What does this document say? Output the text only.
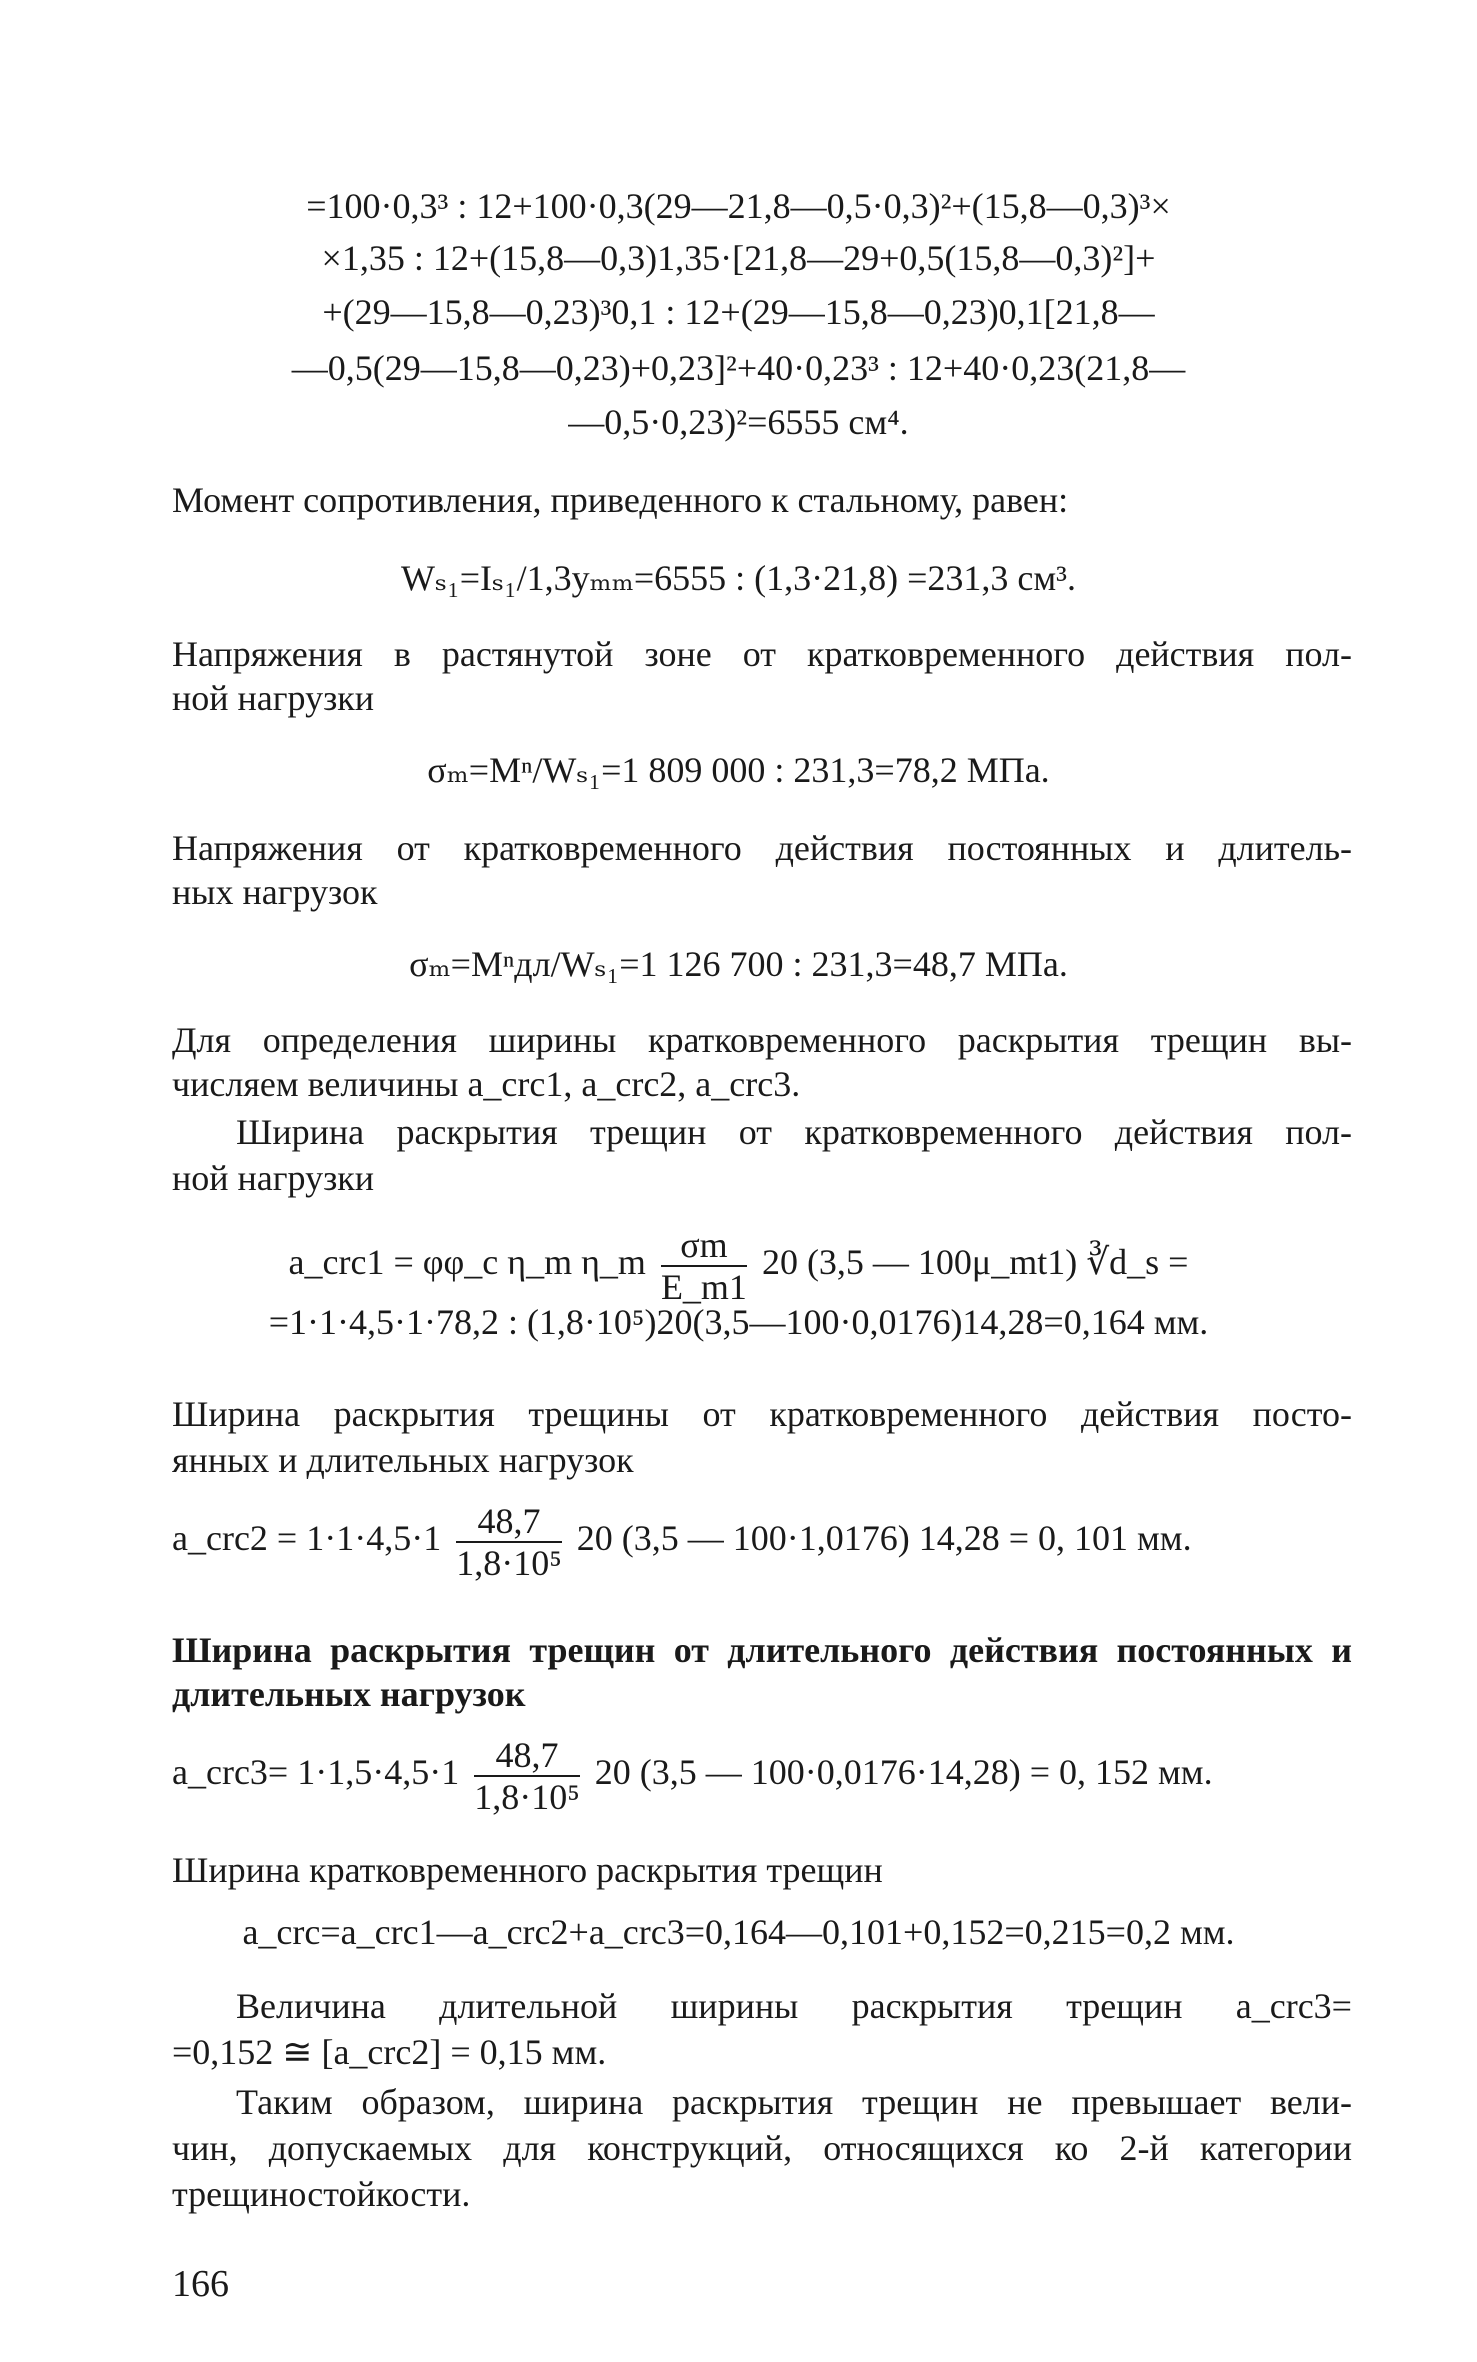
=100·0,3³ : 12+100·0,3(29—21,8—0,5·0,3)²+(15,8—0,3)³×
×1,35 : 12+(15,8—0,3)1,35·[21,8—29+0,5(15,8—0,3)²]+
+(29—15,8—0,23)³0,1 : 12+(29—15,8—0,23)0,1[21,8—
—0,5(29—15,8—0,23)+0,23]²+40·0,23³ : 12+40·0,23(21,8—
—0,5·0,23)²=6555 см⁴.
Момент сопротивления, приведенного к стальному, равен:
Wₛ₁=Iₛ₁/1,3yₘₘ=6555 : (1,3·21,8) =231,3 см³.
Напряжения в растянутой зоне от кратковременного действия пол-
ной нагрузки
σₘ=Mⁿ/Wₛ₁=1 809 000 : 231,3=78,2 МПа.
Напряжения от кратковременного действия постоянных и длитель-
ных нагрузок
σₘ=Mⁿдл/Wₛ₁=1 126 700 : 231,3=48,7 МПа.
Для определения ширины кратковременного раскрытия трещин вы-
числяем величины a_crc1, a_crc2, a_crc3.
Ширина раскрытия трещин от кратковременного действия пол-
ной нагрузки
a_crc1 = φφ_c η_m η_m $\frac{\sigma m}{E\_m1} 20$ (3,5 — 100μ_mt1) ∛d_s =
=1·1·4,5·1·78,2 : (1,8·10⁵)20(3,5—100·0,0176)14,28=0,164 мм.
Ширина раскрытия трещины от кратковременного действия посто-
янных и длительных нагрузок
a_crc2 = $1\cdot 1\cdot 4,5\cdot 1 \frac{48,7}{\text{1,8·10⁵}} 20$ (3,5 — 100·1,0176) 14,28 = 0, 101 мм.
Ширина раскрытия трещин от длительного действия постоянных и
длительных нагрузок
a_crc3= $1\cdot 1,5\cdot 4,5\cdot 1 \frac{48,7}{\text{1,8·10⁵}} 20$ (3,5 — 100·0,0176·14,28) = 0, 152 мм.
Ширина кратковременного раскрытия трещин
a_crc=a_crc1—a_crc2+a_crc3=0,164—0,101+0,152=0,215=0,2 мм.
Величина длительной ширины раскрытия трещин a_crc3=
=0,152 ≅ [a_crc2] = 0,15 мм.
Таким образом, ширина раскрытия трещин не превышает вели-
чин, допускаемых для конструкций, относящихся ко 2-й категории
трещиностойкости.
166
